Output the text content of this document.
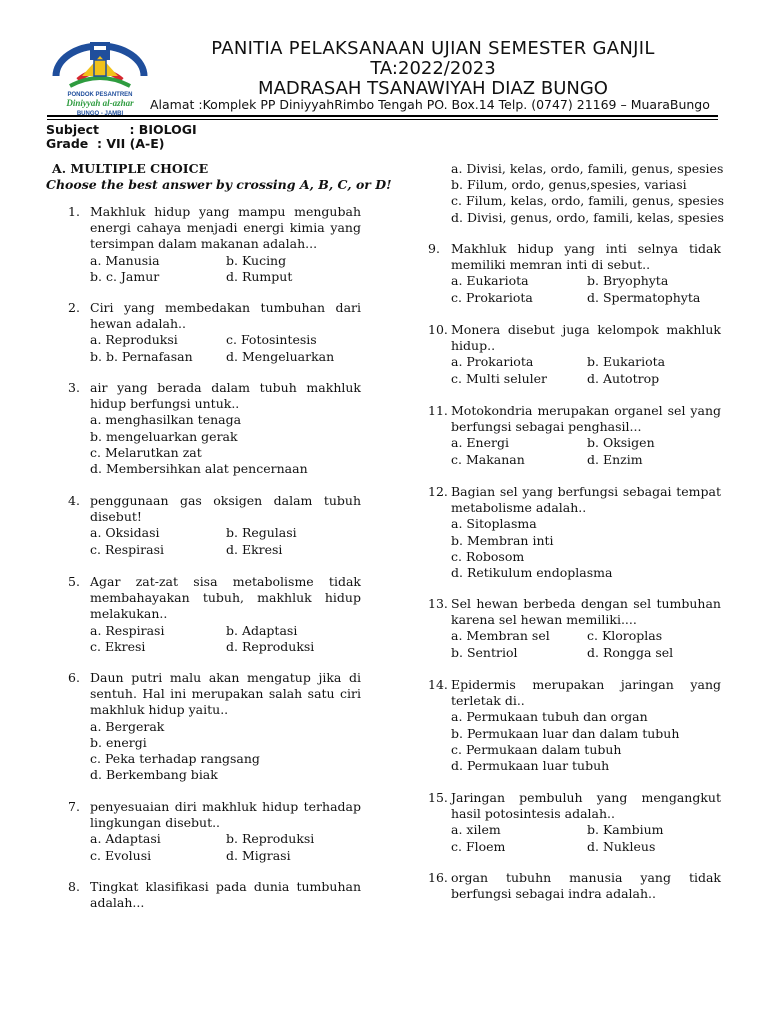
PONDOK PESANTREN
Diniyyah al-azhar
BUNGO - JAMBI
PANITIA PELAKSANAAN UJIAN SEMESTER GANJIL
TA:2022/2023
MADRASAH TSANAWIYAH DIAZ BUNGO
Alamat :Komplek PP DiniyyahRimbo Tengah PO. Box.14 Telp. (0747) 21169 – MuaraBungo
Subject       : BIOLOGI
Grade  : VII (A-E)
A. MULTIPLE CHOICE
Choose the best answer by crossing A, B, C, or D!
1. Makhluk hidup yang mampu mengubah energi cahaya menjadi energi kimia yang tersimpan dalam makanan adalah...
a. Manusia	b. Kucing
b. c. Jamur	d. Rumput
2. Ciri yang membedakan tumbuhan dari hewan adalah..
a. Reproduksi	c. Fotosintesis
b. b. Pernafasan	d. Mengeluarkan
3. air yang berada dalam tubuh makhluk hidup berfungsi untuk..
a. menghasilkan tenaga
b. mengeluarkan gerak
c. Melarutkan zat
d. Membersihkan alat pencernaan
4. penggunaan gas oksigen dalam tubuh disebut!
a. Oksidasi	b. Regulasi
c. Respirasi	d. Ekresi
5. Agar zat-zat sisa metabolisme tidak membahayakan tubuh, makhluk hidup melakukan..
a. Respirasi	b. Adaptasi
c. Ekresi	d. Reproduksi
6. Daun putri malu akan mengatup jika di sentuh. Hal ini merupakan salah satu ciri makhluk hidup yaitu..
a. Bergerak
b. energi
c. Peka terhadap rangsang
d. Berkembang biak
7. penyesuaian diri makhluk hidup terhadap lingkungan disebut..
a. Adaptasi	b. Reproduksi
c. Evolusi	d. Migrasi
8. Tingkat klasifikasi pada dunia tumbuhan adalah...
a. Divisi, kelas, ordo, famili, genus, spesies
b. Filum, ordo, genus,spesies, variasi
c. Filum, kelas, ordo, famili, genus, spesies
d. Divisi, genus, ordo, famili, kelas, spesies
9. Makhluk hidup yang inti selnya tidak memiliki memran inti di sebut..
a. Eukariota	b. Bryophyta
c. Prokariota	d. Spermatophyta
10. Monera disebut juga kelompok makhluk hidup..
a. Prokariota	b. Eukariota
c. Multi seluler	d. Autotrop
11. Motokondria merupakan organel sel yang berfungsi sebagai penghasil...
a. Energi	b. Oksigen
c. Makanan	d. Enzim
12. Bagian sel yang berfungsi sebagai tempat metabolisme adalah..
a. Sitoplasma
b. Membran inti
c. Robosom
d. Retikulum endoplasma
13. Sel hewan berbeda dengan sel tumbuhan karena sel hewan memiliki....
a. Membran sel	c. Kloroplas
b. Sentriol	d. Rongga sel
14. Epidermis merupakan jaringan yang terletak di..
a. Permukaan tubuh dan organ
b. Permukaan luar dan dalam tubuh
c. Permukaan dalam tubuh
d. Permukaan luar tubuh
15. Jaringan pembuluh yang mengangkut hasil potosintesis adalah..
a. xilem	b. Kambium
c. Floem	d. Nukleus
16. organ tubuhn manusia yang tidak berfungsi sebagai indra adalah..
